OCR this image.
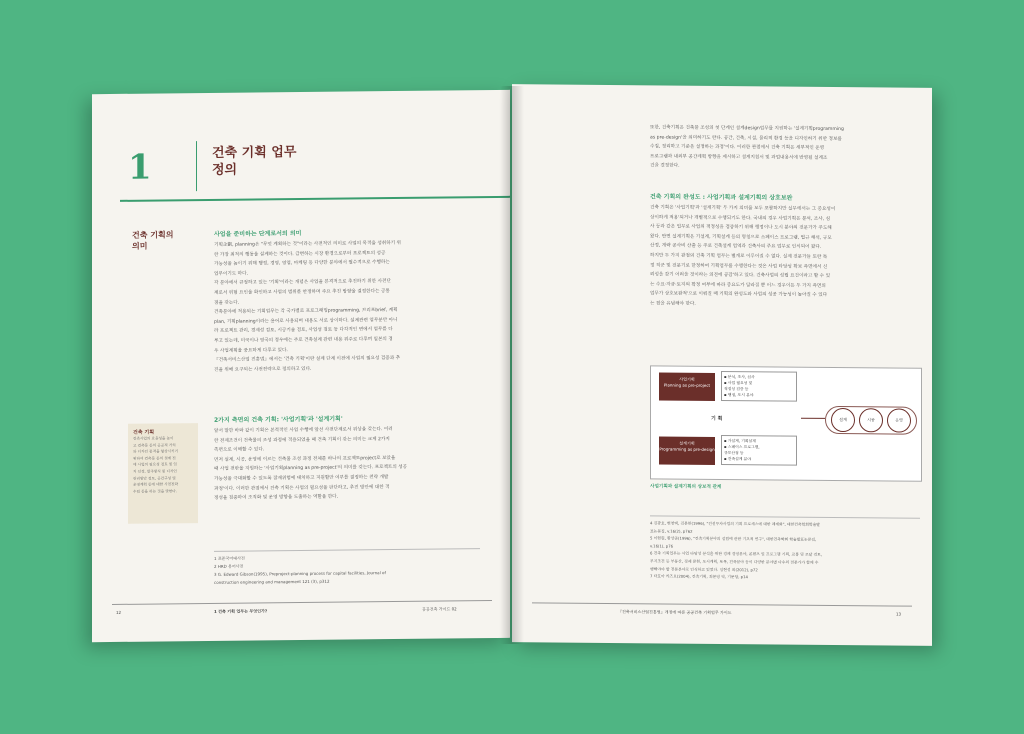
1	건축 기획 업무
정의
건축 기획의
의미
사업을 준비하는 단계로서의 의미
기획企劃, planning은 "무엇 계획하는 것"이라는 사전적인 의미로 사업의 목적을 성취하기 위
한 가장 최적의 행동을 설계하는 것이다. 급변하는 시장 환경으로부터 프로젝트의 성공
가능성을 높이기 위해 행정, 경영, 영업, 마케팅 등 다양한 분야에서 필수적으로 수행하는
업무이기도 하다.
각 분야에서 규정하고 있는 '기획'이라는 개념은 사업을 본격적으로 추진하기 위한 사전단
계로서 위험 요인을 확인하고 사업의 범위를 한정하며 주요 추진 방향을 결정한다는 공통
점을 갖는다.
건축분야에 적용되는 기획업무는 각 국가별로 프로그래밍programming, 브리프brief, 계획
plan, 기획planning이라는 용어로 사용되며 내용도 서로 상이하다. 설계관련 업무분만 아니
라 프로젝트 관리, 경제성 검토, 시공기술 검토, 사업성 검토 등 다각적인 면에서 업무를 다
루고 있는데, 미국이나 영국의 경우에는 주로 건축설계 관련 내용 위주로 다루며 일본의 경
우 사업계획을 중요하게 다루고 있다.
『건축서비스산업 진흥법』에서는 '건축 기획'이란 설계 단계 이전에 사업의 필요성 검증과 추
진을 위해 요구되는 사전전략으로 정의하고 있다.
2가지 측면의 건축 기획: '사업기획'과 '설계기획'
앞서 말한 바와 같이 기획은 본격적인 사업 수행에 앞선 사전단계로서 위상을 갖는다. 이러
한 전제조건이 건축물의 조성 과정에 적용되었을 때 건축 기획이 갖는 의미는 크게 2가지
측면으로 이해할 수 있다.
먼저 설계, 시공, 운영에 이르는 건축물 조성 과정 전체를 하나의 프로젝트project로 보았을
때 사업 전반을 지원하는 '사업기획planning as pre-project'의 의미를 갖는다. 프로젝트의 성공
가능성을 극대화할 수 있도록 잠재위험에 대처하고 지원할만 여부를 결정하는 전략 개발
과정'이다. 이러한 관점에서 건축 기획은 사업의 필요성을 판단하고, 추진 방안에 대한 적
정성을 검증하여 조직화 및 운영 방향을 도출하는 역할을 한다.
건축 기획
건축사업의 효율성을 높이
고 건축물 등의 공공적 가치
와 디자인 품격을 향상시키기
위하여 건축물 등의 설계 전
에 사업의 필요성 검토 및 입
지 선정, 발주방식 및 디자인
관리방안 검토, 공간구성 및
운영계획 등에 대한 사전전략
수립 등을 하는 것을 말한다.
1 표준국어대사전
2 HRD 용어사전
3 G. Edward Gibson(1995), Preproject-planning process for capital facilities, Journal of
construction engineering and management 121 (3), p312
12	1 건축 기획 업무는 무엇인가?	공공건축 가이드 02
또한, 건축기획은 건축물 조성의 첫 단계인 설계design업무를 지원하는 '설계기획programming
as pre-design'을 의미하기도 한다. 공간, 건축, 시설, 물리적 환경 등을 디자인하기 위한 정보를
수집, 정리하고 기준을 설정하는 과정'이다. 이러한 관점에서 건축 기획은 세부적인 운영
프로그램과 내외부 공간계획 방향을 제시하고 설계지침서 및 과업내용서에 반영될 설계조
건을 결정한다.
건축 기획의 완성도 : 사업기획과 설계기획의 상호보완
건축 기획은 '사업기획'과 '설계기획' 두 가지 의미를 모두 포괄하지만 실무에서는 그 중요성이
상이하게 적용'되거나 개별적으로 수행되기도 한다. 국내의 경우 사업기획은 분석, 조사, 심
사 등과 같은 업무로 사업의 적정성을 검증하기 위해 행정이나 도시 분야의 전문가가 주도해
왔다. 반면 설계기획은 기설계, 기획설계 등의 명칭으로 스페이스 프로그램, 법규 해석, 규모
산정, 개략 공사비 산출 등 주로 건축설계 업역과 건축사의 주요 업무로 인식되어 왔다.
하지만 두 가지 관점의 건축 기획 업무는 별개로 이루어질 수 없다. 실제 전문가들 또한 특
정 직군 및 전문기로 한정하여 기획업무를 수행한다는 것은 사업 타당성 확보 측면에서 신
뢰성을 갖기 어려울 것이라는 의견에 공감'하고 있다. 건축사업의 성립 요건이라고 할 수 있
는 수요·자금·토지의 확정 여부에 따라 중요도가 달라질 뿐 어느 경우이든 두 가지 측면의
업무가 상호보완적'으로 이뤄질 때 기획의 완성도와 사업의 성공 가능성이 높아질 수 있다
는 점을 유념해야 한다.
사업기획
Planning as pre-project
▪ 분석, 조사, 심사
▪ 사업 필요성 및
적정성 검증 등
▪ 행정, 도시 분야
기 획
설계기획
Programming as pre-design
▪ 가설계, 기획설계
▪ 스페이스 프로그램,
규모산정 등
▪ 건축설계 분야
설계	시공	운영
사업기획과 설계기획의 상보적 관계
4 김광호, 현창택, 김문한(1996), "건설투자사업의 기획 프로세스에 대한 제계화", 대한건축학회학술발
표논문집, v.16(2), p762
5 이현원, 황상준(1996), "건축기획분야의 설립에 관한 기초적 연구", 대한건축학회 학술발표논문집,
v.16(1), p76
6 건축 기획업무는 사업 타당성 분석을 위한 경제 경영분야, 콘텐츠 및 프로그램 기획, 교통 및 조달 검토,
부지조건 등 부동산, 경제 문헌, 도시계획, 토목, 건축분야 등이 다양한 분야별 다수의 전문가가 함께 수
행해야야 할 전문분야로 인식하고 있었다. 임현성 외(2012), p72
7 타호아 카즈요(2004), 건축기획, 최문영 역, 기문당, p14
『건축서비스산업진흥법』개정에 따른 공공건축 기획업무 가이드	13
